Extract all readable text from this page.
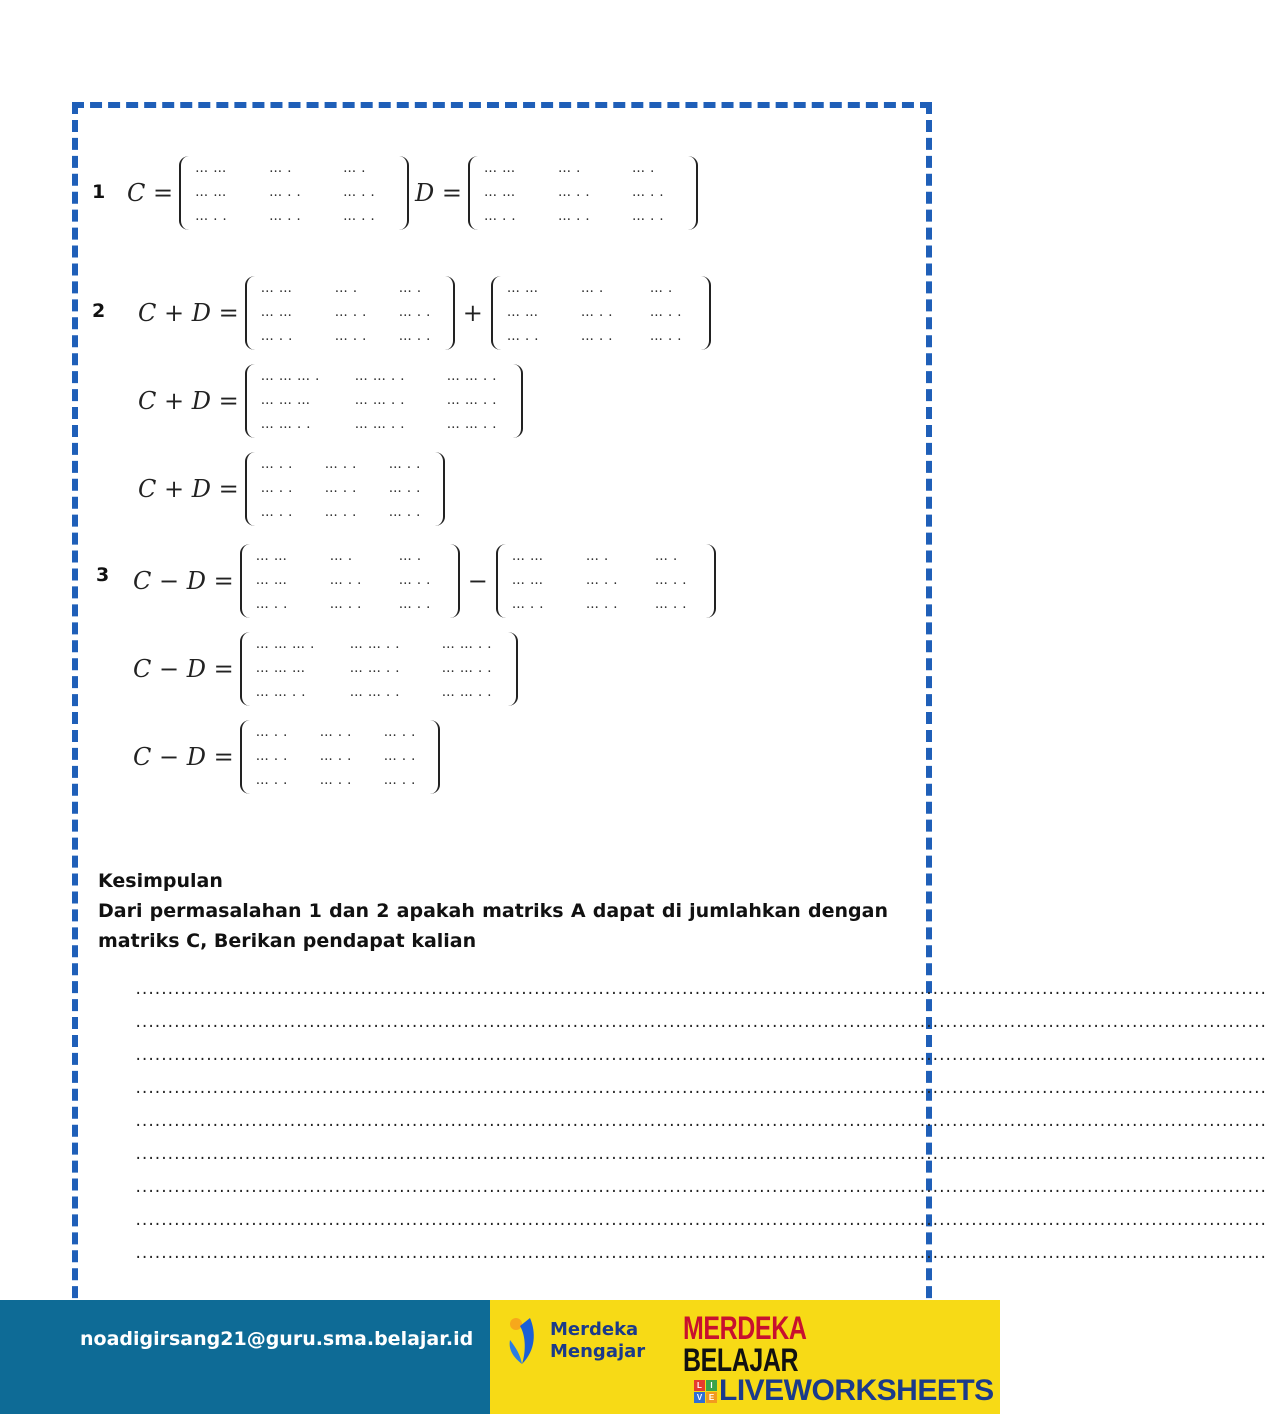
1 C =
… …	… .	… .
… …	… . .	… . .
… . .	… . .	… . .
D =
… …	… .	… .
… …	… . .	… . .
… . .	… . .	… . .
2 C + D =
… …	… .	… .
… …	… . .	… . .
… . .	… . .	… . .
+
… …	… .	… .
… …	… . .	… . .
… . .	… . .	… . .
C + D =
… … … .	… … . .	… … . .
… … …	… … . .	… … . .
… … . .	… … . .	… … . .
C + D =
… . .	… . .	… . .
… . .	… . .	… . .
… . .	… . .	… . .
3 C − D =
… …	… .	… .
… …	… . .	… . .
… . .	… . .	… . .
−
… …	… .	… .
… …	… . .	… . .
… . .	… . .	… . .
C − D =
… … … .	… … . .	… … . .
… … …	… … . .	… … . .
… … . .	… … . .	… … . .
C − D =
… . .	… . .	… . .
… . .	… . .	… . .
… . .	… . .	… . .

Kesimpulan

Dari permasalahan 1 dan 2 apakah matriks A dapat di jumlahkan dengan matriks C, Berikan pendapat kalian

................................................................................................................................................................................
................................................................................................................................................................................
................................................................................................................................................................................
................................................................................................................................................................................
................................................................................................................................................................................
................................................................................................................................................................................
................................................................................................................................................................................
................................................................................................................................................................................
................................................................................................................................................................................
noadigirsang21@guru.sma.belajar.id	Merdeka
Mengajar
MERDEKA
BELAJAR
L	I
V E LIVEWORKSHEETS
